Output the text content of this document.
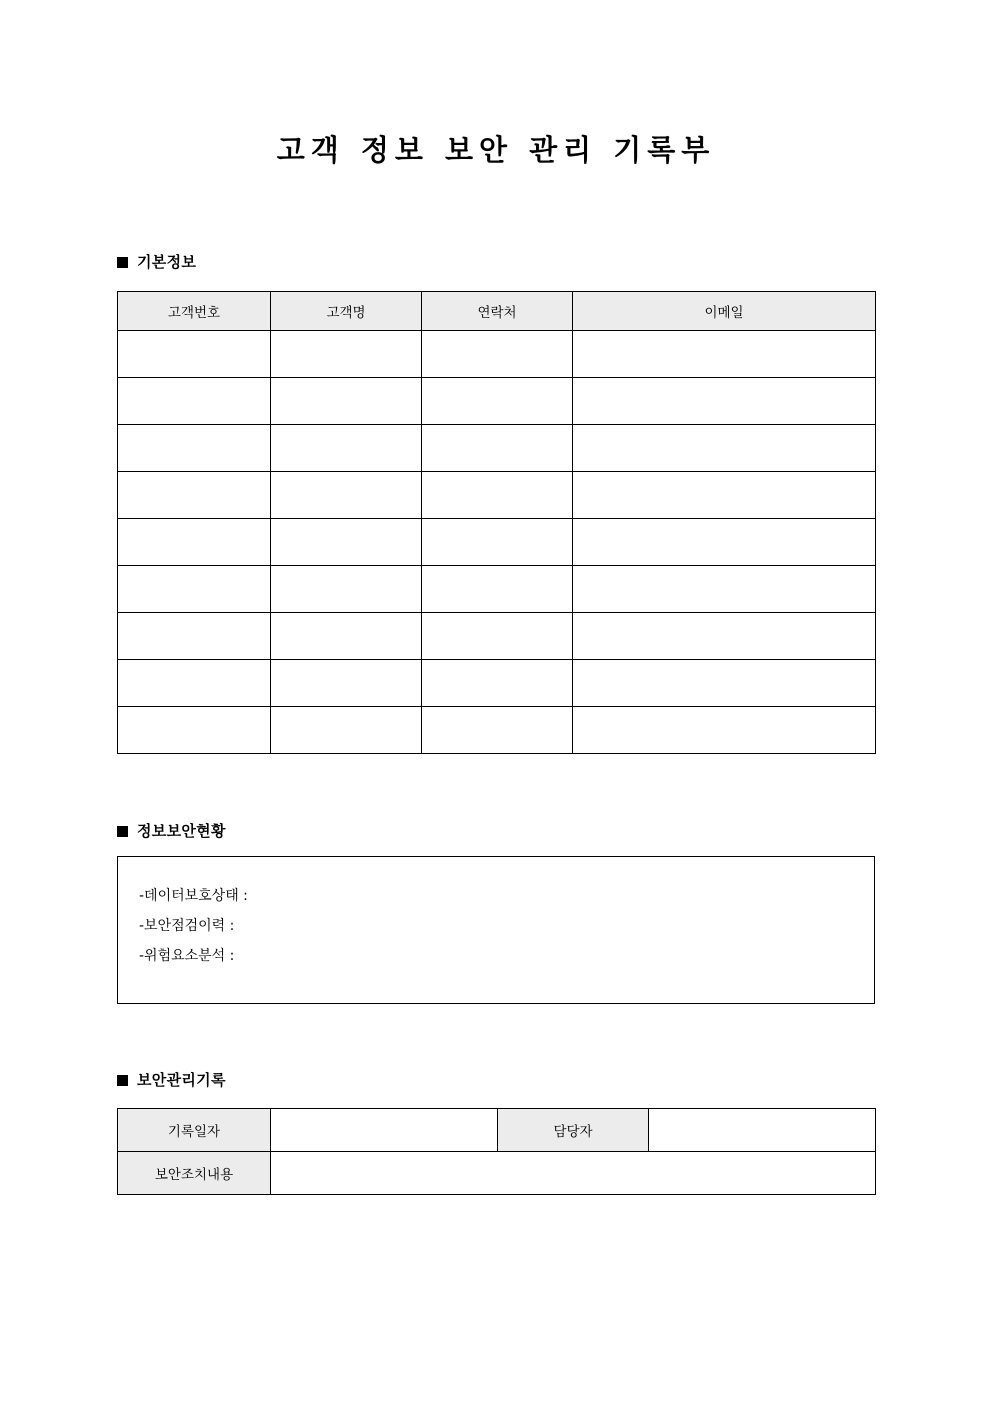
고객 정보 보안 관리 기록부
기본정보
고객번호	고객명	연락처	이메일

정보보안현황
-데이터보호상태 :
-보안점검이력 :
-위험요소분석 :
보안관리기록
기록일자		담당자	
보안조치내용			
